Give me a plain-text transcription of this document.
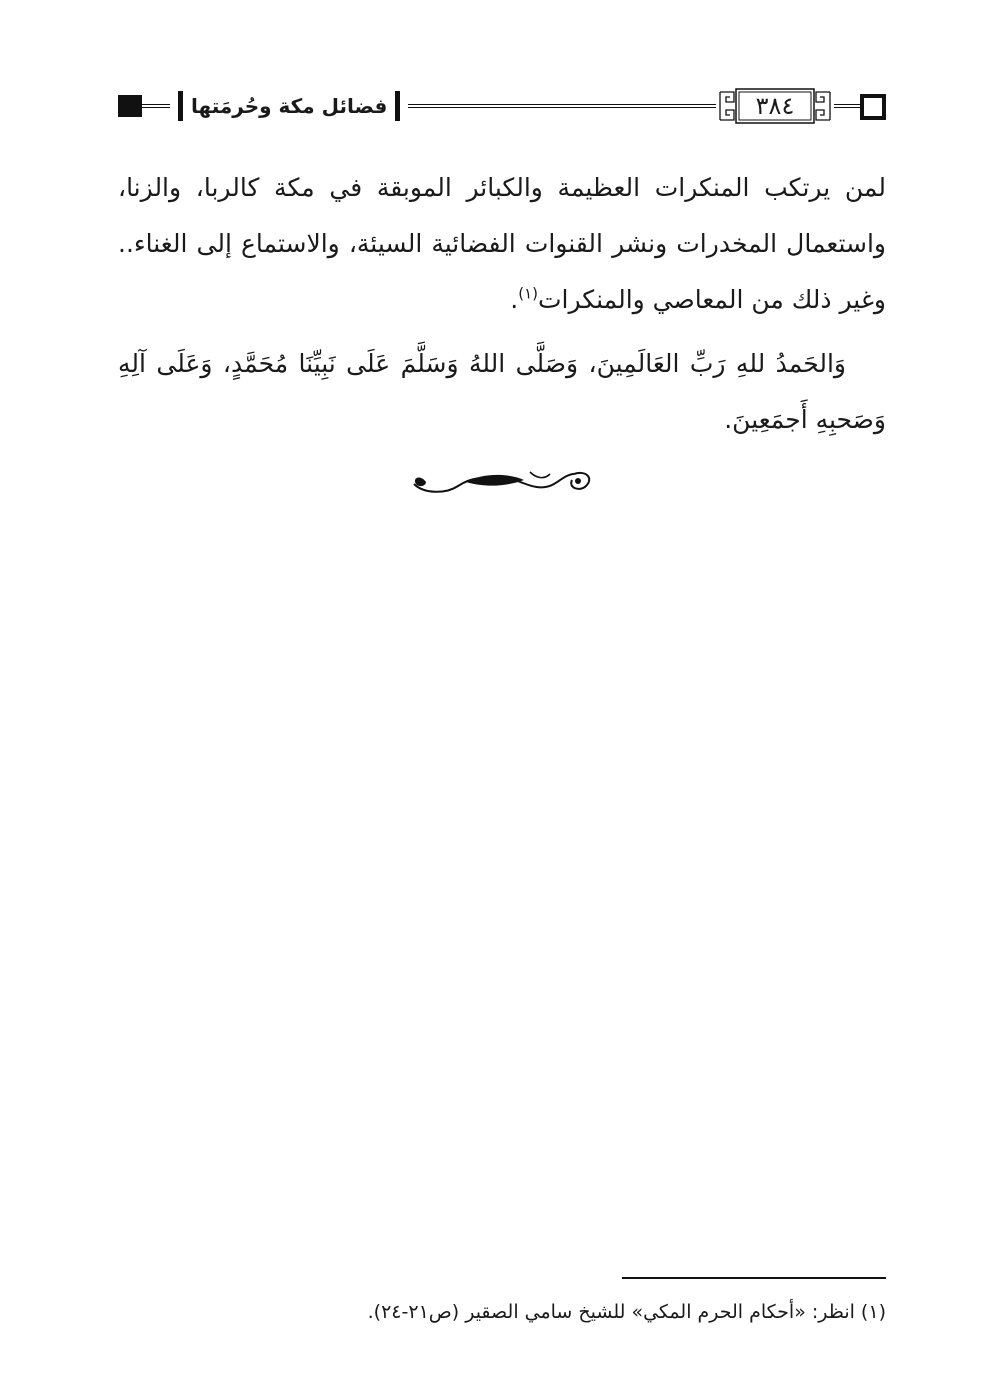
فضائل مكة وحُرمَتها	٣٨٤

لمن يرتكب المنكرات العظيمة والكبائر الموبقة في مكة كالربا، والزنا، واستعمال المخدرات ونشر القنوات الفضائية السيئة، والاستماع إلى الغناء.. وغير ذلك من المعاصي والمنكرات$^{(١)}$.

وَالحَمدُ للهِ رَبِّ العَالَمِينَ، وَصَلَّى اللهُ وَسَلَّمَ عَلَى نَبِيِّنَا مُحَمَّدٍ، وَعَلَى آلِهِ وَصَحبِهِ أَجمَعِينَ.

(١) انظر: «أحكام الحرم المكي» للشيخ سامي الصقير (ص٢١-٢٤).
